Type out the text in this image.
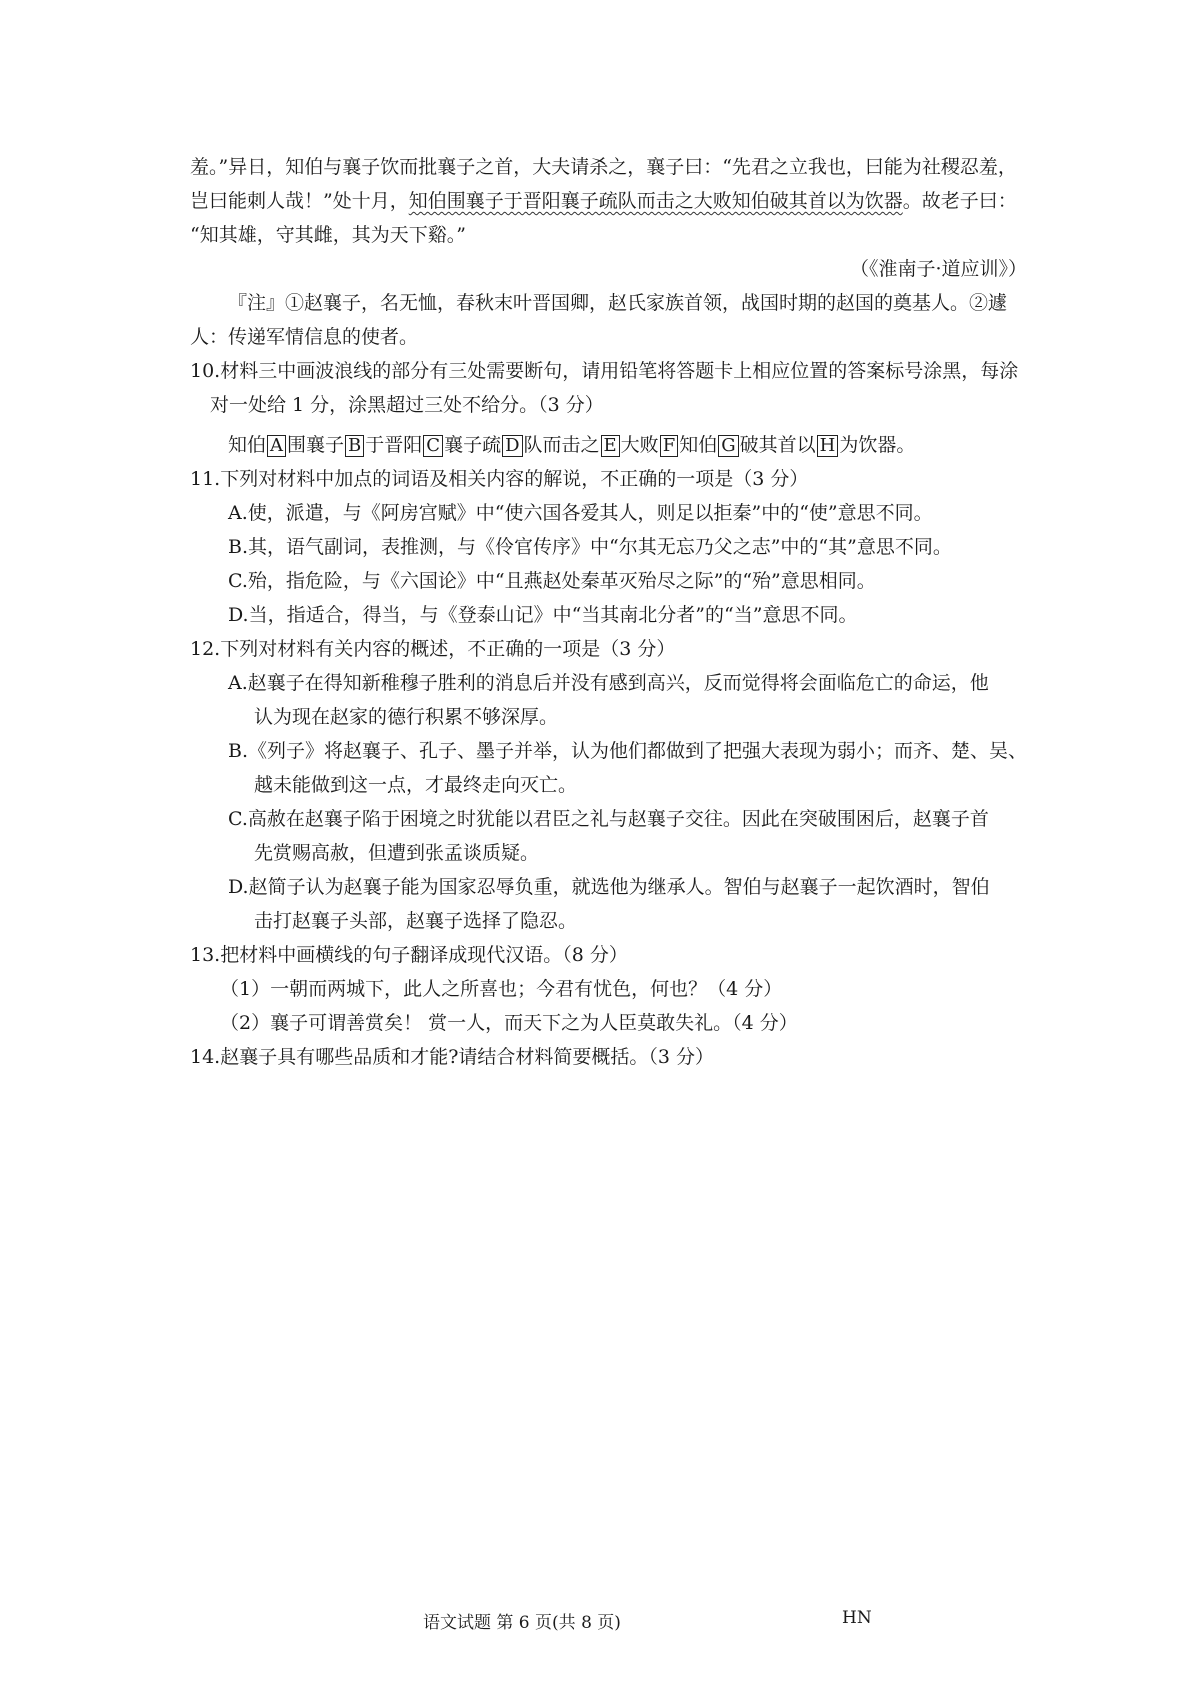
羞。”异日，知伯与襄子饮而批襄子之首，大夫请杀之，襄子曰：“先君之立我也，曰能为社稷忍羞，
岂曰能刺人哉！”处十月，知伯围襄子于晋阳襄子疏队而击之大败知伯破其首以为饮器。故老子曰：
“知其雄，守其雌，其为天下谿。”
（《淮南子·道应训》）
『注』①赵襄子，名无恤，春秋末叶晋国卿，赵氏家族首领，战国时期的赵国的奠基人。②遽
人：传递军情信息的使者。
10.材料三中画波浪线的部分有三处需要断句，请用铅笔将答题卡上相应位置的答案标号涂黑，每涂
对一处给 1 分，涂黑超过三处不给分。（3 分）
知伯 A 围襄子 B 于晋阳 C 襄子疏 D 队而击之 E 大败 F 知伯 G 破其首以 H 为饮器。
11.下列对材料中加点的词语及相关内容的解说，不正确的一项是（3 分）
A.使，派遣，与《阿房宫赋》中“使六国各爱其人，则足以拒秦”中的“使”意思不同。
B.其，语气副词，表推测，与《伶官传序》中“尔其无忘乃父之志”中的“其”意思不同。
C.殆，指危险，与《六国论》中“且燕赵处秦革灭殆尽之际”的“殆”意思相同。
D.当，指适合，得当，与《登泰山记》中“当其南北分者”的“当”意思不同。
12.下列对材料有关内容的概述，不正确的一项是（3 分）
A.赵襄子在得知新稚穆子胜利的消息后并没有感到高兴，反而觉得将会面临危亡的命运，他
认为现在赵家的德行积累不够深厚。
B.《列子》将赵襄子、孔子、墨子并举，认为他们都做到了把强大表现为弱小；而齐、楚、吴、
越未能做到这一点，才最终走向灭亡。
C.高赦在赵襄子陷于困境之时犹能以君臣之礼与赵襄子交往。因此在突破围困后，赵襄子首
先赏赐高赦，但遭到张孟谈质疑。
D.赵简子认为赵襄子能为国家忍辱负重，就选他为继承人。智伯与赵襄子一起饮酒时，智伯
击打赵襄子头部，赵襄子选择了隐忍。
13.把材料中画横线的句子翻译成现代汉语。（8 分）
（1）一朝而两城下，此人之所喜也；今君有忧色，何也？（4 分）
（2）襄子可谓善赏矣！ 赏一人，而天下之为人臣莫敢失礼。（4 分）
14.赵襄子具有哪些品质和才能?请结合材料简要概括。（3 分）
语文试题 第 6 页(共 8 页)	HN
